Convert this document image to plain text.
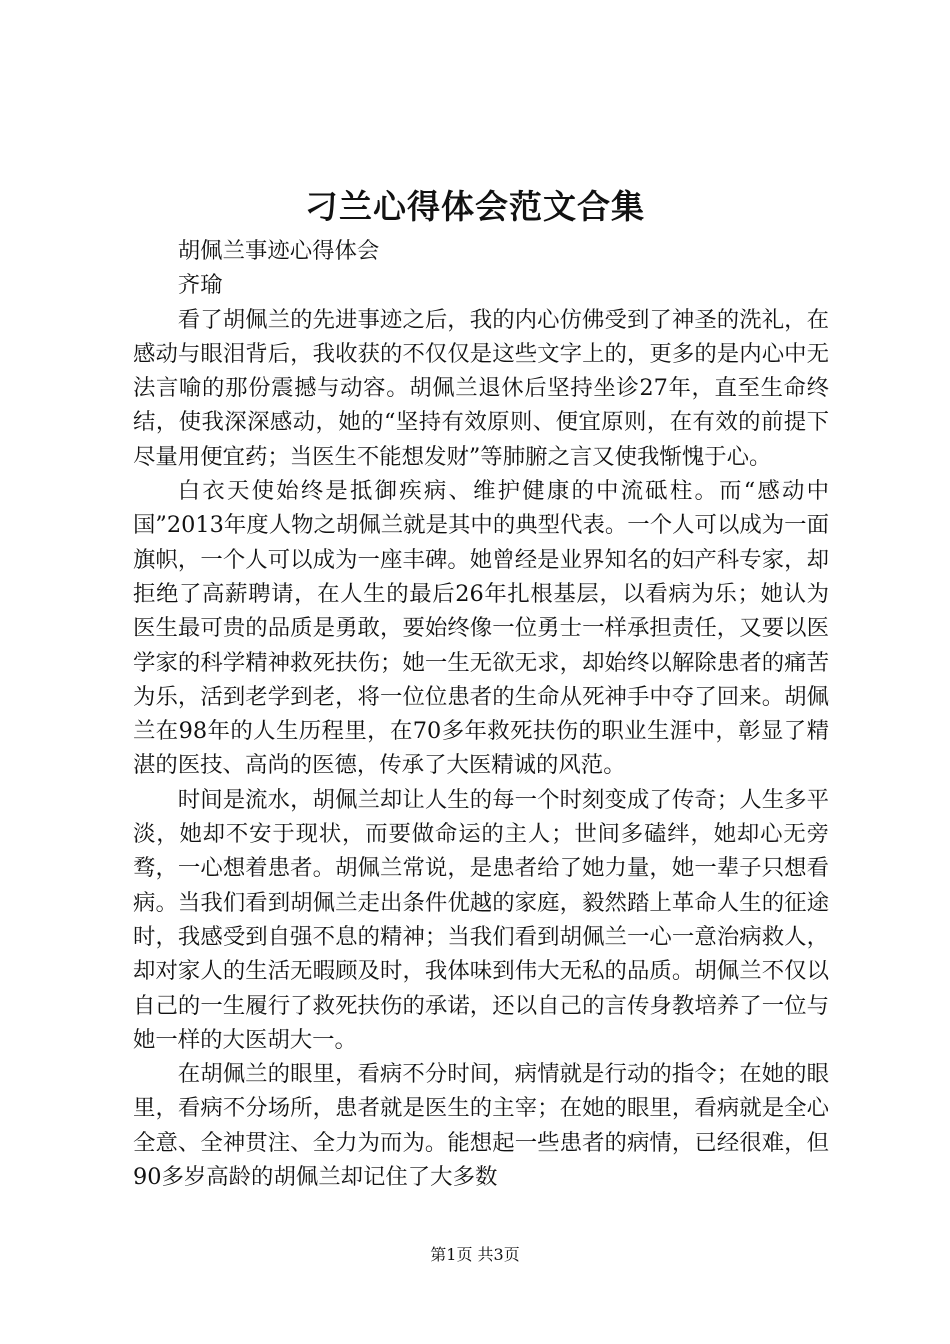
刁兰心得体会范文合集

胡佩兰事迹心得体会

齐瑜

看了胡佩兰的先进事迹之后，我的内心仿佛受到了神圣的洗礼，在感动与眼泪背后，我收获的不仅仅是这些文字上的，更多的是内心中无法言喻的那份震撼与动容。胡佩兰退休后坚持坐诊27年，直至生命终结，使我深深感动，她的“坚持有效原则、便宜原则，在有效的前提下尽量用便宜药；当医生不能想发财”等肺腑之言又使我惭愧于心。

白衣天使始终是抵御疾病、维护健康的中流砥柱。而“感动中国”2013年度人物之胡佩兰就是其中的典型代表。一个人可以成为一面旗帜，一个人可以成为一座丰碑。她曾经是业界知名的妇产科专家，却拒绝了高薪聘请，在人生的最后26年扎根基层，以看病为乐；她认为医生最可贵的品质是勇敢，要始终像一位勇士一样承担责任，又要以医学家的科学精神救死扶伤；她一生无欲无求，却始终以解除患者的痛苦为乐，活到老学到老，将一位位患者的生命从死神手中夺了回来。胡佩兰在98年的人生历程里，在70多年救死扶伤的职业生涯中，彰显了精湛的医技、高尚的医德，传承了大医精诚的风范。

时间是流水，胡佩兰却让人生的每一个时刻变成了传奇；人生多平淡，她却不安于现状，而要做命运的主人；世间多磕绊，她却心无旁骛，一心想着患者。胡佩兰常说，是患者给了她力量，她一辈子只想看病。当我们看到胡佩兰走出条件优越的家庭，毅然踏上革命人生的征途时，我感受到自强不息的精神；当我们看到胡佩兰一心一意治病救人，却对家人的生活无暇顾及时，我体味到伟大无私的品质。胡佩兰不仅以自己的一生履行了救死扶伤的承诺，还以自己的言传身教培养了一位与她一样的大医胡大一。

在胡佩兰的眼里，看病不分时间，病情就是行动的指令；在她的眼里，看病不分场所，患者就是医生的主宰；在她的眼里，看病就是全心全意、全神贯注、全力为而为。能想起一些患者的病情，已经很难，但90多岁高龄的胡佩兰却记住了大多数

第1页 共3页
